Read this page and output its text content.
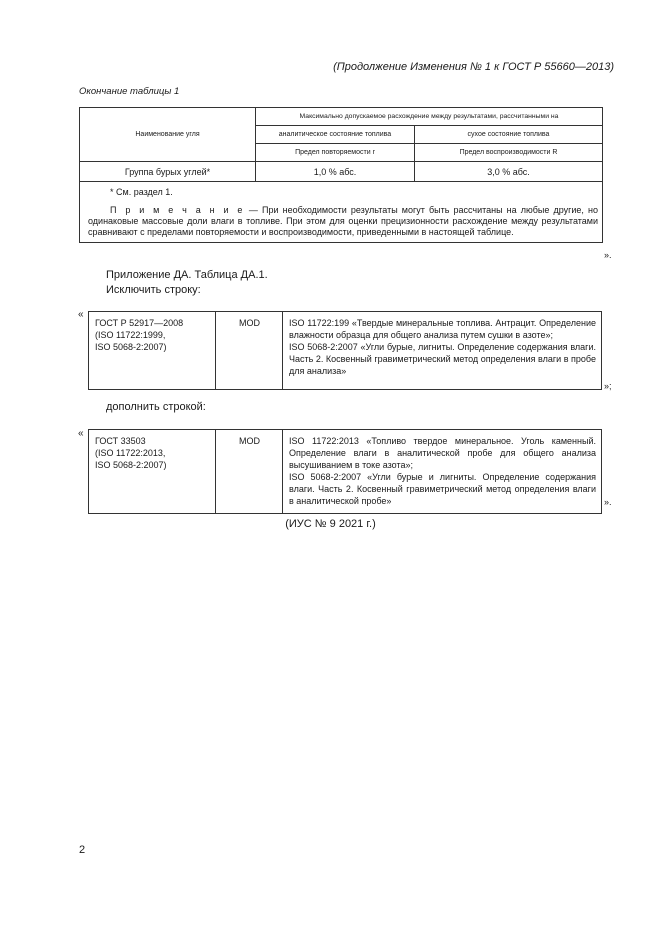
(Продолжение Изменения № 1 к ГОСТ Р 55660—2013)
Окончание таблицы 1
Наименование угля	Максимально допускаемое расхождение между результатами, рассчитанными на	
	аналитическое состояние топлива	сухое состояние топлива
	Предел повторяемости r	Предел воспроизводимости R
Группа бурых углей*	1,0 % абс.	3,0 % абс.

* См. раздел 1.
П р и м е ч а н и е — При необходимости результаты могут быть рассчитаны на любые другие, но одинаковые массовые доли влаги в топливе. При этом для оценки прецизионности расхождение между результатами сравнивают с пределами повторяемости и воспроизводимости, приведенными в настоящей таблице.		
».
Приложение ДА. Таблица ДА.1.
Исключить строку:
«
ГОСТ Р 52917—2008
(ISO 11722:1999,
ISO 5068-2:2007)
	MOD	ISO 11722:199 «Твердые минеральные топлива. Антрацит. Определение влажности образца для общего анализа путем сушки в азоте»;
ISO 5068-2:2007 «Угли бурые, лигниты. Определение содержания влаги. Часть 2. Косвенный гравиметрический метод определения влаги в пробе для анализа»
»;
дополнить строкой:
«
ГОСТ 33503
(ISO 11722:2013,
ISO 5068-2:2007)
	MOD	ISO 11722:2013 «Топливо твердое минеральное. Уголь каменный. Определение влаги в аналитической пробе для общего анализа высушиванием в токе азота»;
ISO 5068-2:2007 «Угли бурые и лигниты. Определение содержания влаги. Часть 2. Косвенный гравиметрический метод определения влаги в аналитической пробе»	».
(ИУС № 9 2021 г.)
2
